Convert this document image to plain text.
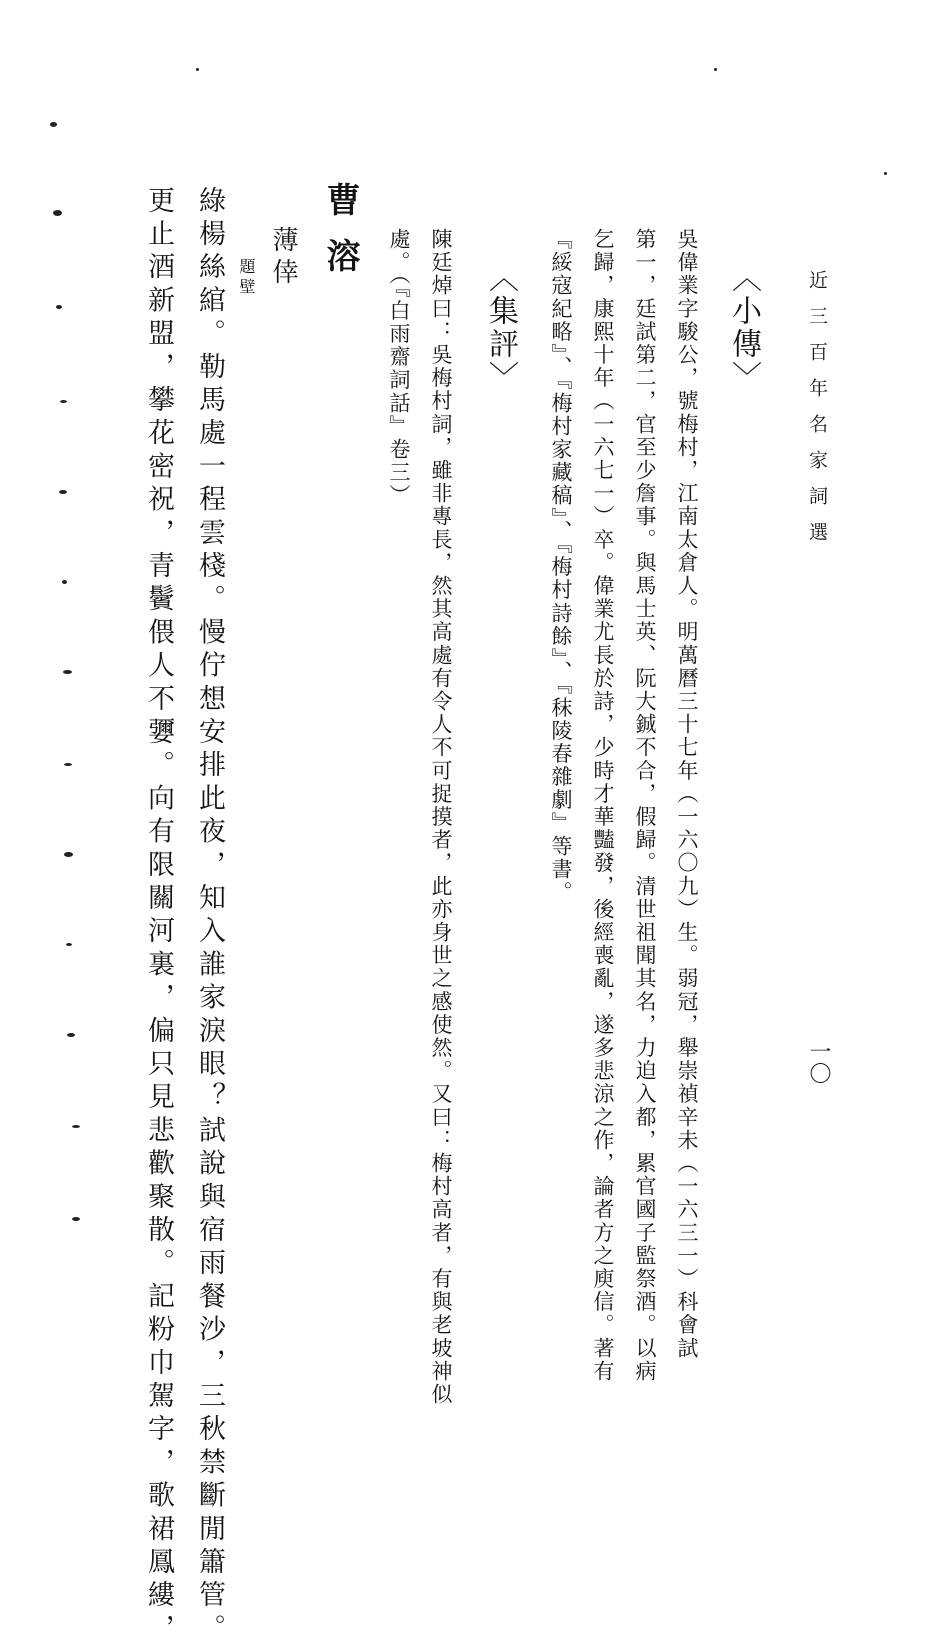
近三百年名家詞選
一〇
〈小傳〉
吳偉業字駿公，號梅村，江南太倉人。明萬曆三十七年（一六〇九）生。弱冠，舉崇禎辛未（一六三一）科會試
第一，廷試第二，官至少詹事。與馬士英、阮大鋮不合，假歸。清世祖聞其名，力迫入都，累官國子監祭酒。以病
乞歸，康熙十年（一六七一）卒。偉業尤長於詩，少時才華豔發，後經喪亂，遂多悲涼之作，論者方之庾信。著有
『綏寇紀略』、『梅村家藏稿』、『梅村詩餘』、『秣陵春雜劇』等書。
〈集評〉
陳廷焯曰：吳梅村詞，雖非專長，然其高處有令人不可捉摸者，此亦身世之感使然。又曰：梅村高者，有與老坡神似
處。（『白雨齋詞話』卷三）
曹溶
薄倖
題壁
綠楊絲綰。勒馬處一程雲棧。慢佇想安排此夜，知入誰家淚眼？試說與宿雨餐沙，三秋禁斷閒簫管。
更止酒新盟，攀花密祝，青鬢偎人不㜷。向有限關河裏，偏只見悲歡聚散。記粉巾駕字，歌裙鳳縷，
